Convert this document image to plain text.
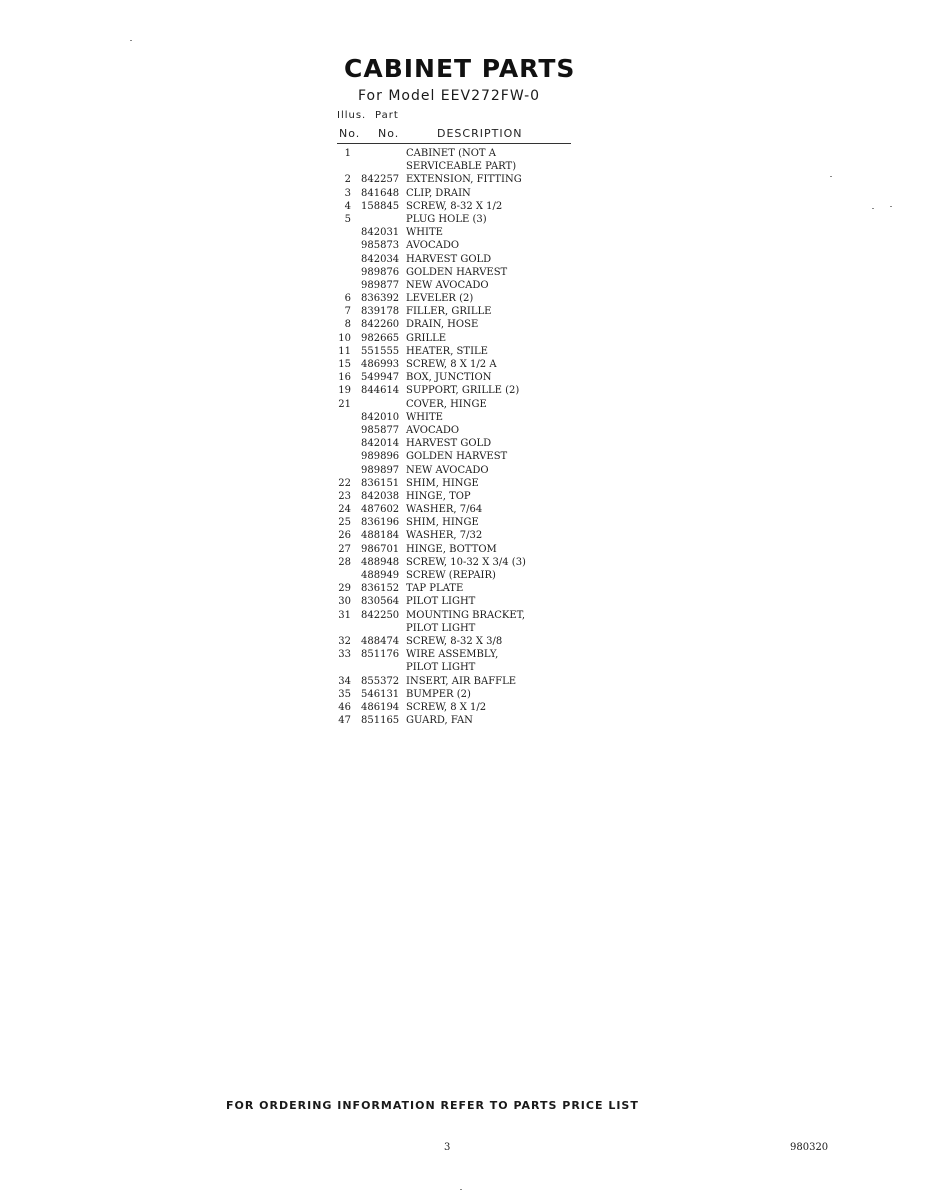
CABINET PARTS
For Model EEV272FW-0
Illus. Part
No. No.	DESCRIPTION
1	CABINET (NOT A
SERVICEABLE PART)
2	842257 EXTENSION, FITTING
3	841648 CLIP, DRAIN
4	158845 SCREW, 8-32 X 1/2
5	PLUG HOLE (3)
842031 WHITE
985873 AVOCADO
842034 HARVEST GOLD
989876 GOLDEN HARVEST
989877 NEW AVOCADO
6	836392 LEVELER (2)
7	839178 FILLER, GRILLE
8	842260 DRAIN, HOSE
10	982665 GRILLE
11	551555 HEATER, STILE
15	486993 SCREW, 8 X 1/2 A
16	549947 BOX, JUNCTION
19	844614 SUPPORT, GRILLE (2)
21	COVER, HINGE
842010 WHITE
985877 AVOCADO
842014 HARVEST GOLD
989896 GOLDEN HARVEST
989897 NEW AVOCADO
22	836151 SHIM, HINGE
23	842038 HINGE, TOP
24	487602 WASHER, 7/64
25	836196 SHIM, HINGE
26	488184 WASHER, 7/32
27	986701 HINGE, BOTTOM
28	488948 SCREW, 10-32 X 3/4 (3)
488949 SCREW (REPAIR)
29	836152 TAP PLATE
30	830564 PILOT LIGHT
31	842250 MOUNTING BRACKET,
PILOT LIGHT
32	488474 SCREW, 8-32 X 3/8
33	851176 WIRE ASSEMBLY,
PILOT LIGHT
34	855372 INSERT, AIR BAFFLE
35	546131 BUMPER (2)
46	486194 SCREW, 8 X 1/2
47	851165 GUARD, FAN
FOR ORDERING INFORMATION REFER TO PARTS PRICE LIST
3	980320
